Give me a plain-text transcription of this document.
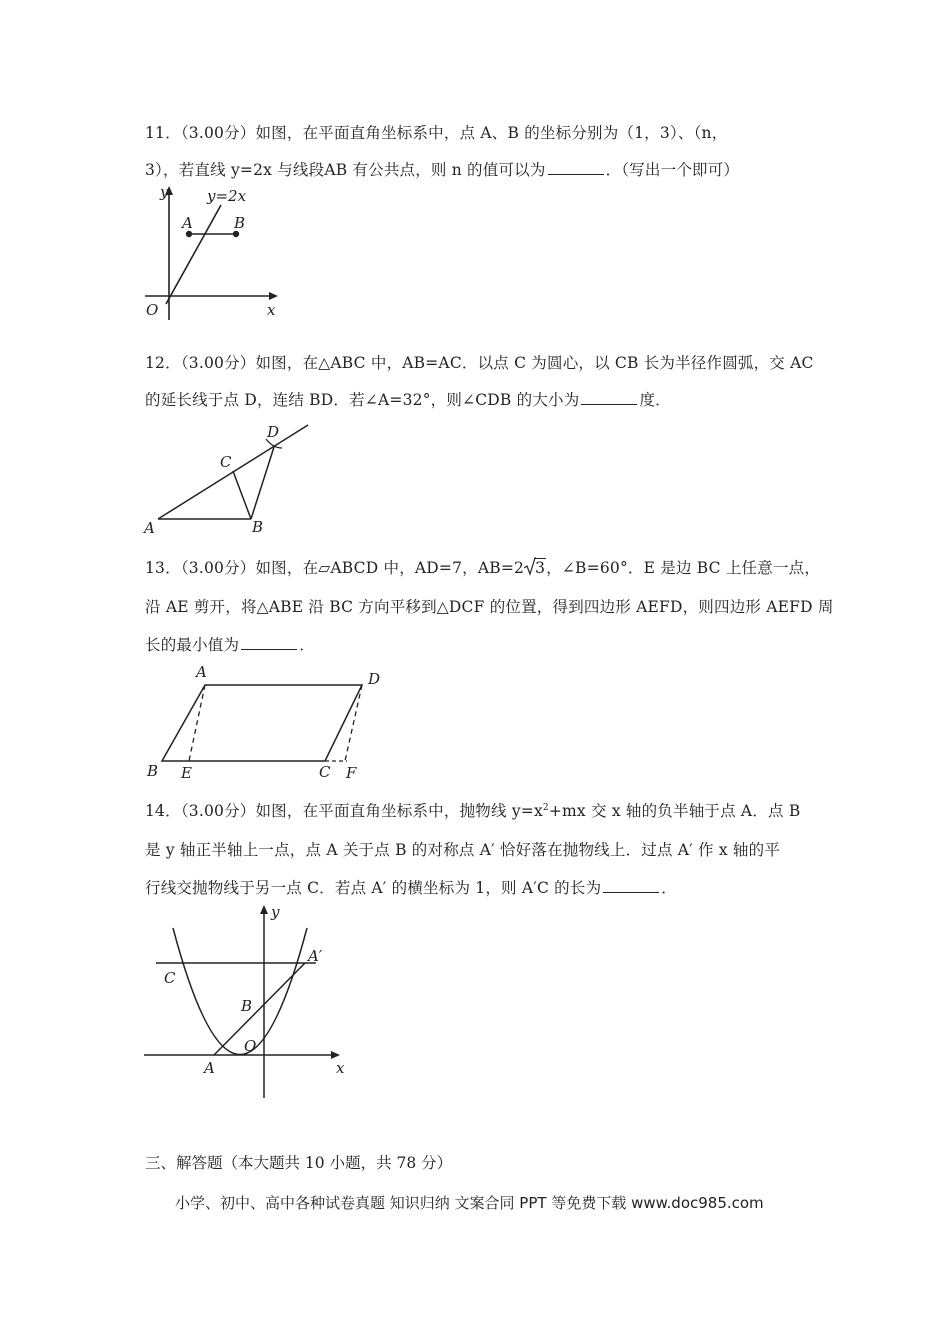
11．（3.00分）如图，在平面直角坐标系中，点 A、B 的坐标分别为（1，3）、（n，
3），若直线 y=2x 与线段AB 有公共点，则 n 的值可以为	．（写出一个即可）
y
x
O
A	B
y=2x
12．（3.00分）如图，在△ABC 中，AB=AC．以点 C 为圆心，以 CB 长为半径作圆弧，交 AC
的延长线于点 D，连结 BD．若∠A=32°，则∠CDB 的大小为	度．
A	B
C
D
13．（3.00分）如图，在▱ABCD 中，AD=7，AB=2 3，∠B=60°．E 是边 BC 上任意一点，
沿 AE 剪开，将△ABE 沿 BC 方向平移到△DCF 的位置，得到四边形 AEFD，则四边形 AEFD 周
长的最小值为	．
A	D
B E	C F
14．（3.00分）如图，在平面直角坐标系中，抛物线 $y=x^2+mx$ 交 x 轴的负半轴于点 A．点 B
是 y 轴正半轴上一点，点 A 关于点 B 的对称点 A′ 恰好落在抛物线上．过点 A′ 作 x 轴的平
行线交抛物线于另一点 C．若点 A′ 的横坐标为 1，则 A′C 的长为	．
y
x
O
A
B
C
A′
三、解答题（本大题共 10 小题，共 78 分）
小学、初中、高中各种试卷真题 知识归纳 文案合同 PPT 等免费下载 www.doc985.com
